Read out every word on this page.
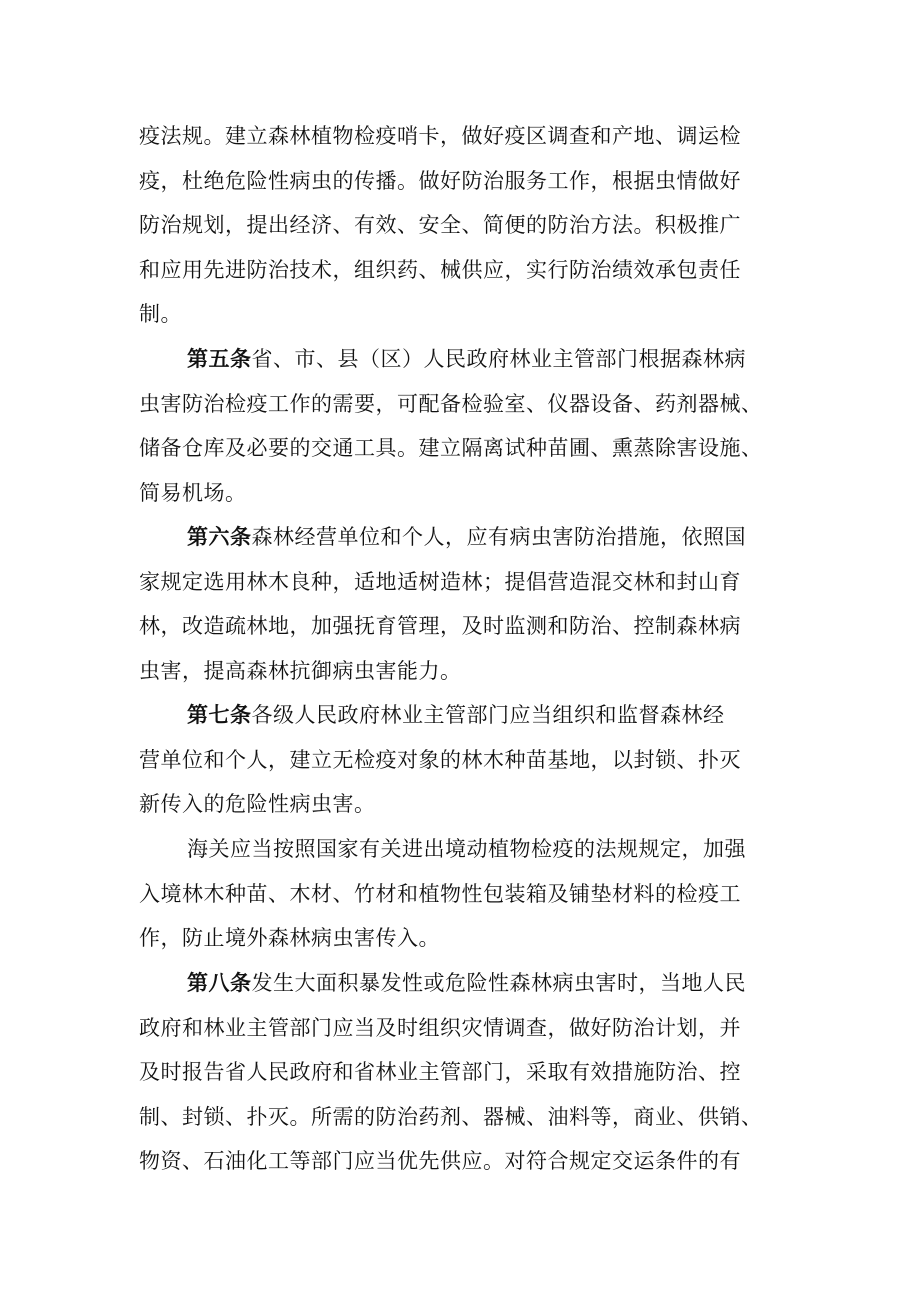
疫法规。建立森林植物检疫哨卡，做好疫区调查和产地、调运检
疫，杜绝危险性病虫的传播。做好防治服务工作，根据虫情做好
防治规划，提出经济、有效、安全、简便的防治方法。积极推广
和应用先进防治技术，组织药、械供应，实行防治绩效承包责任
制。
第五条省、市、县（区）人民政府林业主管部门根据森林病
虫害防治检疫工作的需要，可配备检验室、仪器设备、药剂器械、
储备仓库及必要的交通工具。建立隔离试种苗圃、熏蒸除害设施、
简易机场。
第六条森林经营单位和个人，应有病虫害防治措施，依照国
家规定选用林木良种，适地适树造林；提倡营造混交林和封山育
林，改造疏林地，加强抚育管理，及时监测和防治、控制森林病
虫害，提高森林抗御病虫害能力。
第七条各级人民政府林业主管部门应当组织和监督森林经
营单位和个人，建立无检疫对象的林木种苗基地，以封锁、扑灭
新传入的危险性病虫害。
海关应当按照国家有关进出境动植物检疫的法规规定，加强
入境林木种苗、木材、竹材和植物性包装箱及铺垫材料的检疫工
作，防止境外森林病虫害传入。
第八条发生大面积暴发性或危险性森林病虫害时，当地人民
政府和林业主管部门应当及时组织灾情调查，做好防治计划，并
及时报告省人民政府和省林业主管部门，采取有效措施防治、控
制、封锁、扑灭。所需的防治药剂、器械、油料等，商业、供销、
物资、石油化工等部门应当优先供应。对符合规定交运条件的有
